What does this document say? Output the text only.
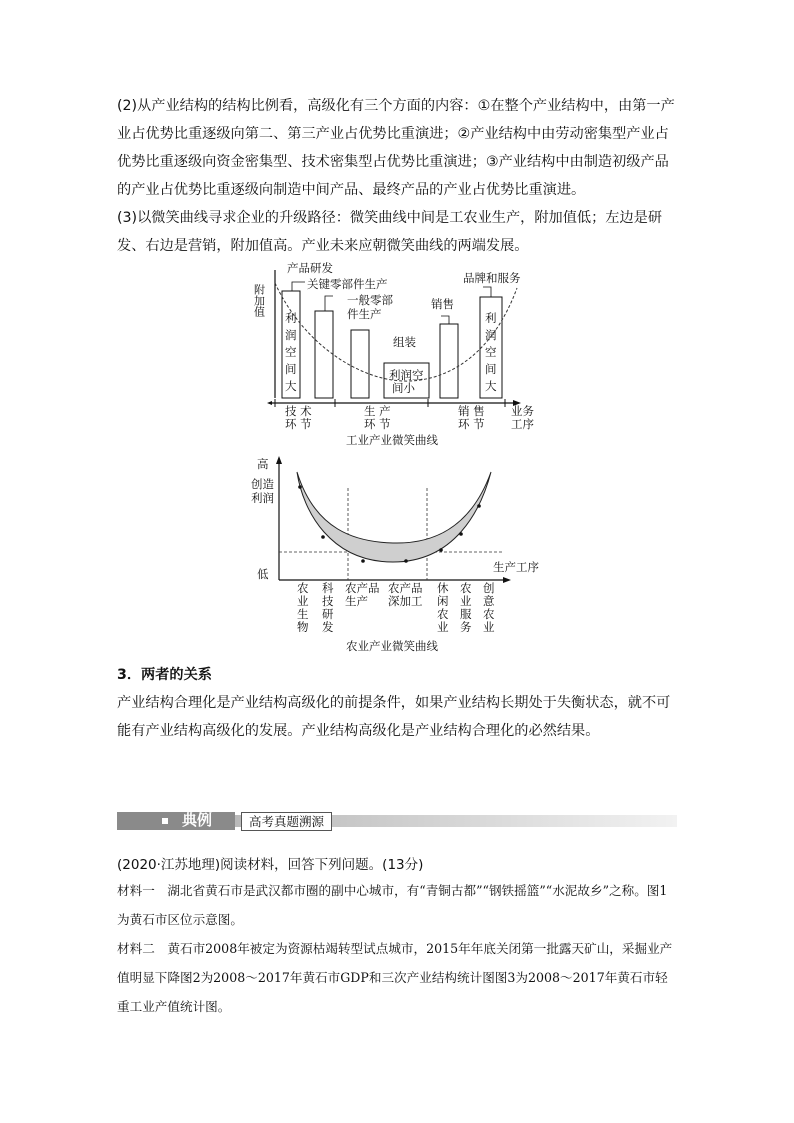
(2)从产业结构的结构比例看，高级化有三个方面的内容：①在整个产业结构中，由第一产业占优势比重逐级向第二、第三产业占优势比重演进；②产业结构中由劳动密集型产业占优势比重逐级向资金密集型、技术密集型占优势比重演进；③产业结构中由制造初级产品的产业占优势比重逐级向制造中间产品、最终产品的产业占优势比重演进。

(3)以微笑曲线寻求企业的升级路径：微笑曲线中间是工农业生产，附加值低；左边是研发、右边是营销，附加值高。产业未来应朝微笑曲线的两端发展。

附加值
产品研发
关键零部件生产
一般零部
件生产
组装
销售
品牌和服务
利
润
空
间
大
利
润
空
间
大
利润空
间小
技 术
环 节
生 产
环 节
销 售
环 节
业务
工序
工业产业微笑曲线
高
创造
利润
低	生产工序
农
业
生
物
科
技
研
发
农产品
生产
农产品
深加工
休
闲
农
业
农
业
服
务
创
意
农
业
农业产业微笑曲线
3．两者的关系

产业结构合理化是产业结构高级化的前提条件，如果产业结构长期处于失衡状态，就不可能有产业结构高级化的发展。产业结构高级化是产业结构合理化的必然结果。

典例	高考真题溯源
(2020·江苏地理)阅读材料，回答下列问题。(13分)

材料一　湖北省黄石市是武汉都市圈的副中心城市，有“青铜古都”“钢铁摇篮”“水泥故乡”之称。图1为黄石市区位示意图。

材料二　黄石市2008年被定为资源枯竭转型试点城市，2015年年底关闭第一批露天矿山，采掘业产值明显下降图2为2008～2017年黄石市GDP和三次产业结构统计图图3为2008～2017年黄石市轻重工业产值统计图。
